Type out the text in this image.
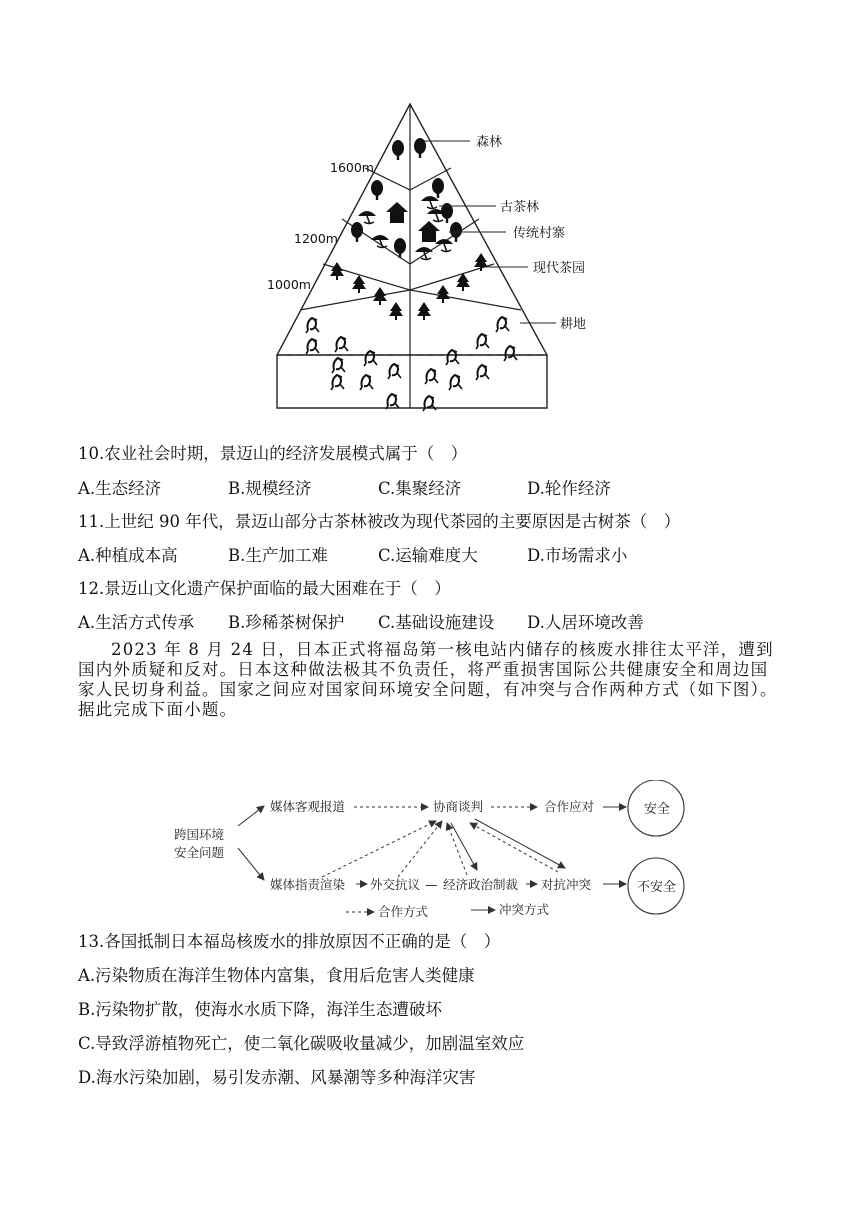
1600m
1200m
1000m
森林
古茶林
传统村寨
现代茶园
耕地
10.农业社会时期，景迈山的经济发展模式属于（　）
A.生态经济	B.规模经济	C.集聚经济	D.轮作经济
11.上世纪 90 年代，景迈山部分古茶林被改为现代茶园的主要原因是古树茶（　）
A.种植成本高	B.生产加工难	C.运输难度大	D.市场需求小
12.景迈山文化遗产保护面临的最大困难在于（　）
A.生活方式传承 B.珍稀茶树保护 C.基础设施建设 D.人居环境改善

2023 年 8 月 24 日，日本正式将福岛第一核电站内储存的核废水排往太平洋，遭到国内外质疑和反对。日本这种做法极其不负责任，将严重损害国际公共健康安全和周边国家人民切身利益。国家之间应对国家间环境安全问题，有冲突与合作两种方式（如下图）。据此完成下面小题。

跨国环境
安全问题
媒体客观报道	协商谈判	合作应对	安全
媒体指责渲染 外交抗议 — 经济政治制裁 对抗冲突	不安全
合作方式	冲突方式
13.各国抵制日本福岛核废水的排放原因不正确的是（　）
A.污染物质在海洋生物体内富集，食用后危害人类健康
B.污染物扩散，使海水水质下降，海洋生态遭破坏
C.导致浮游植物死亡，使二氧化碳吸收量减少，加剧温室效应
D.海水污染加剧，易引发赤潮、风暴潮等多种海洋灾害
